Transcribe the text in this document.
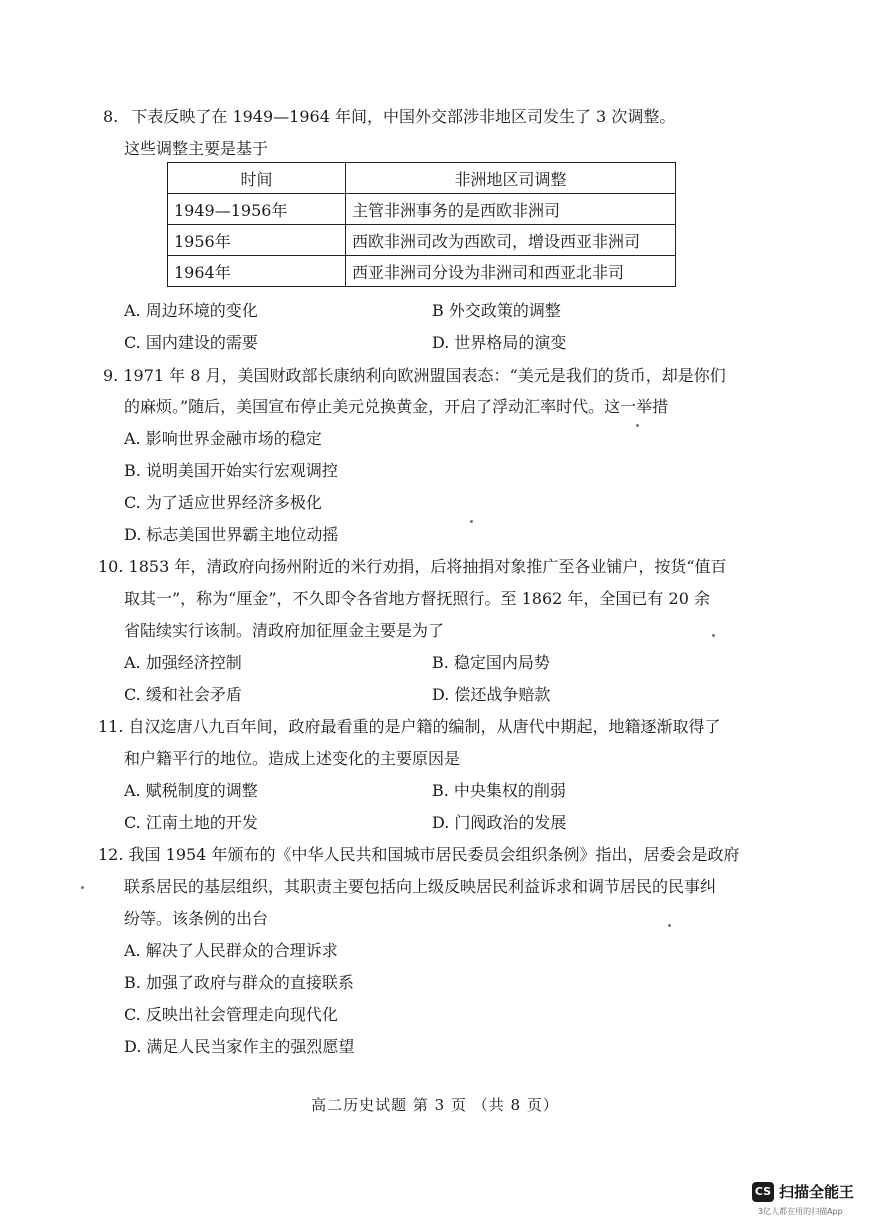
8. 下表反映了在 1949—1964 年间，中国外交部涉非地区司发生了 3 次调整。
这些调整主要是基于
时间	非洲地区司调整
1949—1956年	主管非洲事务的是西欧非洲司
1956年	西欧非洲司改为西欧司，增设西亚非洲司
1964年	西亚非洲司分设为非洲司和西亚北非司
A. 周边环境的变化	B 外交政策的调整
C. 国内建设的需要	D. 世界格局的演变
9. 1971 年 8 月，美国财政部长康纳利向欧洲盟国表态：“美元是我们的货币，却是你们
的麻烦。”随后，美国宣布停止美元兑换黄金，开启了浮动汇率时代。这一举措
A. 影响世界金融市场的稳定
B. 说明美国开始实行宏观调控
C. 为了适应世界经济多极化
D. 标志美国世界霸主地位动摇
10. 1853 年，清政府向扬州附近的米行劝捐，后将抽捐对象推广至各业铺户，按货“值百
取其一”，称为“厘金”，不久即令各省地方督抚照行。至 1862 年，全国已有 20 余
省陆续实行该制。清政府加征厘金主要是为了
A. 加强经济控制	B. 稳定国内局势
C. 缓和社会矛盾	D. 偿还战争赔款
11. 自汉迄唐八九百年间，政府最看重的是户籍的编制，从唐代中期起，地籍逐渐取得了
和户籍平行的地位。造成上述变化的主要原因是
A. 赋税制度的调整	B. 中央集权的削弱
C. 江南土地的开发	D. 门阀政治的发展
12. 我国 1954 年颁布的《中华人民共和国城市居民委员会组织条例》指出，居委会是政府
联系居民的基层组织，其职责主要包括向上级反映居民利益诉求和调节居民的民事纠
纷等。该条例的出台
A. 解决了人民群众的合理诉求
B. 加强了政府与群众的直接联系
C. 反映出社会管理走向现代化
D. 满足人民当家作主的强烈愿望
高二历史试题 第 3 页 （共 8 页）
CS 扫描全能王
3亿人都在用的扫描App
